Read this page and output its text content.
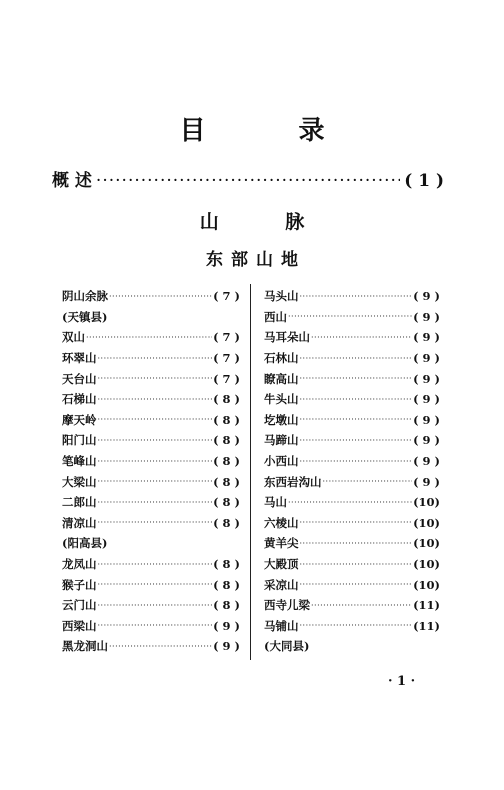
目 录
概 述 ·····	( 1 )
山 脉
东部山地
阴山余脉 ·····	( 7 )
(天镇县)
双山 ·····	( 7 )
环翠山 ·····	( 7 )
天台山 ·····	( 7 )
石梯山 ·····	( 8 )
摩天岭 ·····	( 8 )
阳门山 ·····	( 8 )
笔峰山 ·····	( 8 )
大梁山 ·····	( 8 )
二郎山 ·····	( 8 )
清凉山 ·····	( 8 )
(阳高县)
龙凤山 ·····	( 8 )
猴子山 ·····	( 8 )
云门山 ·····	( 8 )
西梁山 ·····	( 9 )
黑龙洞山 ·····	( 9 )
马头山 ·····	( 9 )
西山 ·····	( 9 )
马耳朵山 ·····	( 9 )
石林山 ·····	( 9 )
瞭高山 ·····	( 9 )
牛头山 ·····	( 9 )
圪墩山 ·····	( 9 )
马蹄山 ·····	( 9 )
小西山 ·····	( 9 )
东西岩沟山 ·····	( 9 )
马山 ·····	(10)
六棱山 ·····	(10)
黄羊尖 ·····	(10)
大殿顶 ·····	(10)
采凉山 ·····	(10)
西寺儿梁 ·····	(11)
马铺山 ·····	(11)
(大同县)
· 1 ·
